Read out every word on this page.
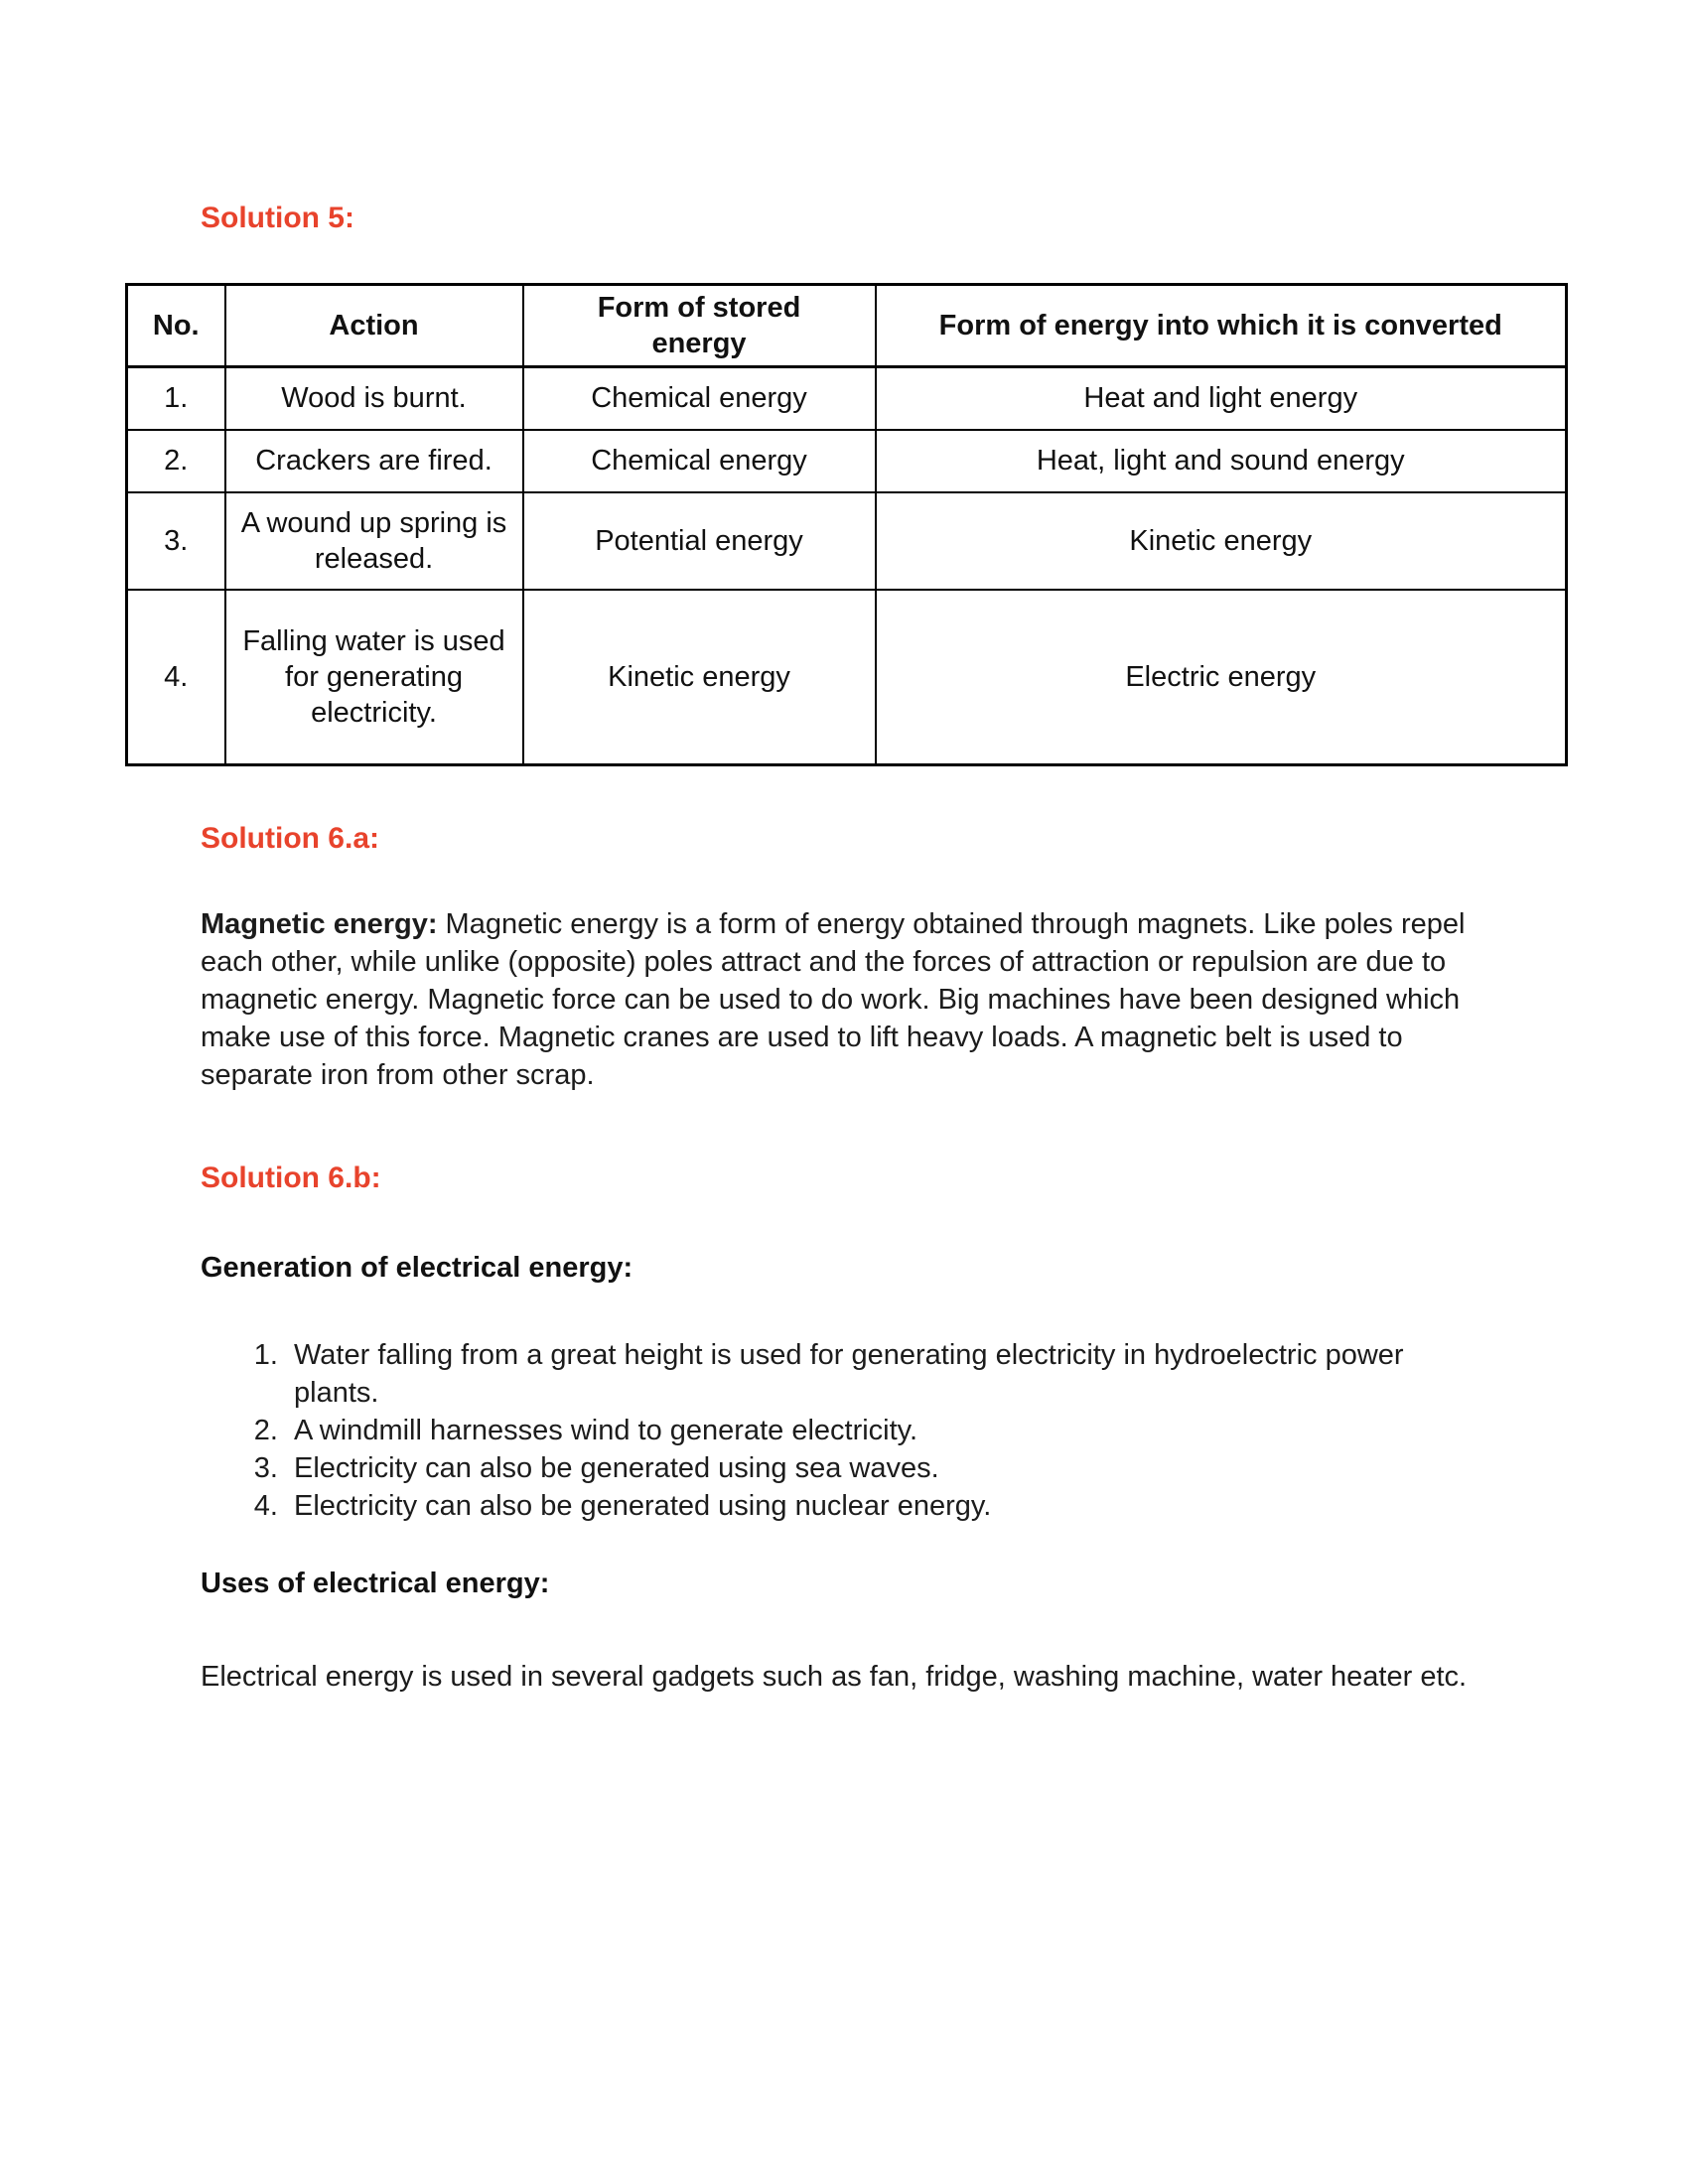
Solution 5:
No.	Action	Form of stored energy	Form of energy into which it is converted
1.	Wood is burnt.	Chemical energy	Heat and light energy
2.	Crackers are fired.	Chemical energy	Heat, light and sound energy
3.	A wound up spring is released.	Potential energy	Kinetic energy
4.	Falling water is used for generating electricity.	Kinetic energy	Electric energy
Solution 6.a:

Magnetic energy: Magnetic energy is a form of energy obtained through magnets. Like poles repel each other, while unlike (opposite) poles attract and the forces of attraction or repulsion are due to magnetic energy. Magnetic force can be used to do work. Big machines have been designed which make use of this force. Magnetic cranes are used to lift heavy loads. A magnetic belt is used to separate iron from other scrap.

Solution 6.b:
Generation of electrical energy:
1. Water falling from a great height is used for generating electricity in hydroelectric power plants.
2. A windmill harnesses wind to generate electricity.
3. Electricity can also be generated using sea waves.
4. Electricity can also be generated using nuclear energy.
Uses of electrical energy:

Electrical energy is used in several gadgets such as fan, fridge, washing machine, water heater etc.
